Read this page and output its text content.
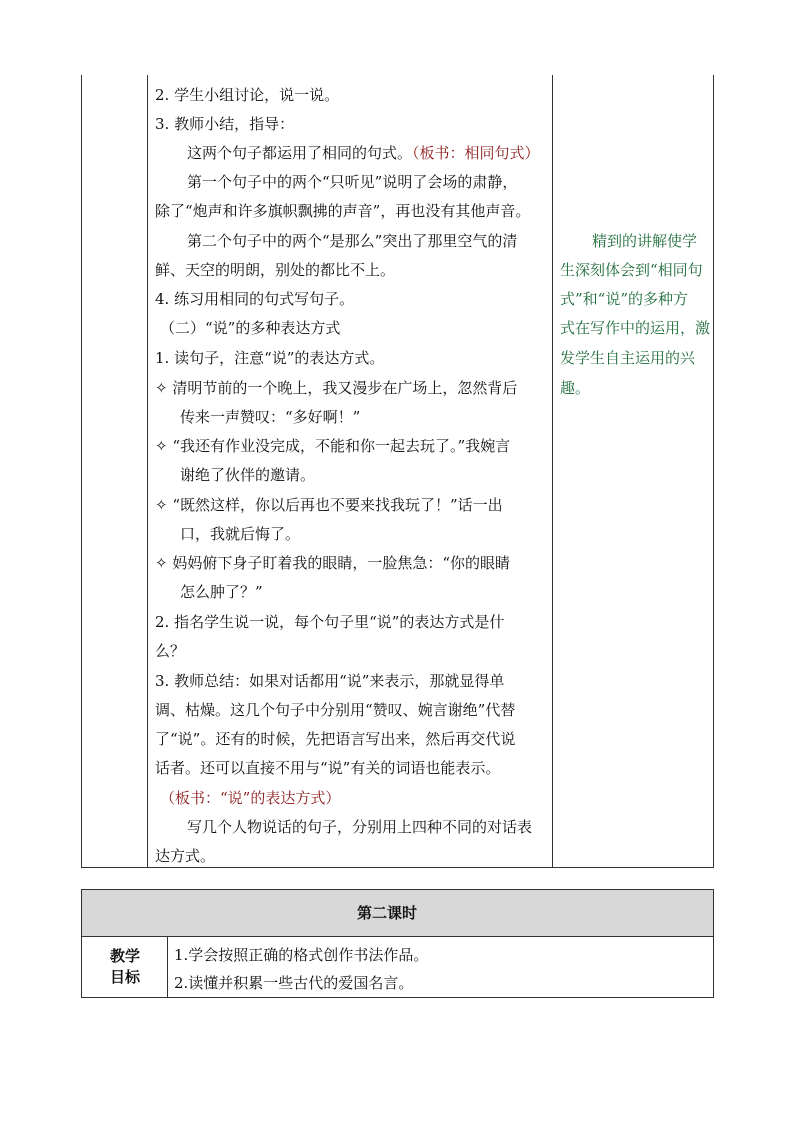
2. 学生小组讨论，说一说。
3. 教师小结，指导：
这两个句子都运用了相同的句式。（板书：相同句式）
第一个句子中的两个“只听见”说明了会场的肃静，
除了“炮声和许多旗帜飘拂的声音”，再也没有其他声音。
第二个句子中的两个“是那么”突出了那里空气的清
鲜、天空的明朗，别处的都比不上。
4. 练习用相同的句式写句子。
（二）“说”的多种表达方式
1. 读句子，注意“说”的表达方式。
✧ 清明节前的一个晚上，我又漫步在广场上，忽然背后
传来一声赞叹：“多好啊！”
✧ “我还有作业没完成，不能和你一起去玩了。”我婉言
谢绝了伙伴的邀请。
✧ “既然这样，你以后再也不要来找我玩了！”话一出
口，我就后悔了。
✧ 妈妈俯下身子盯着我的眼睛，一脸焦急：“你的眼睛
怎么肿了？”
2. 指名学生说一说，每个句子里“说”的表达方式是什
么？
3. 教师总结：如果对话都用“说”来表示，那就显得单
调、枯燥。这几个句子中分别用“赞叹、婉言谢绝”代替
了“说”。还有的时候，先把语言写出来，然后再交代说
话者。还可以直接不用与“说”有关的词语也能表示。
（板书：“说”的表达方式）
写几个人物说话的句子，分别用上四种不同的对话表
达方式。
精到的讲解使学
生深刻体会到“相同句
式”和“说”的多种方
式在写作中的运用，激
发学生自主运用的兴
趣。
第二课时
教学
目标
1.学会按照正确的格式创作书法作品。
2.读懂并积累一些古代的爱国名言。
